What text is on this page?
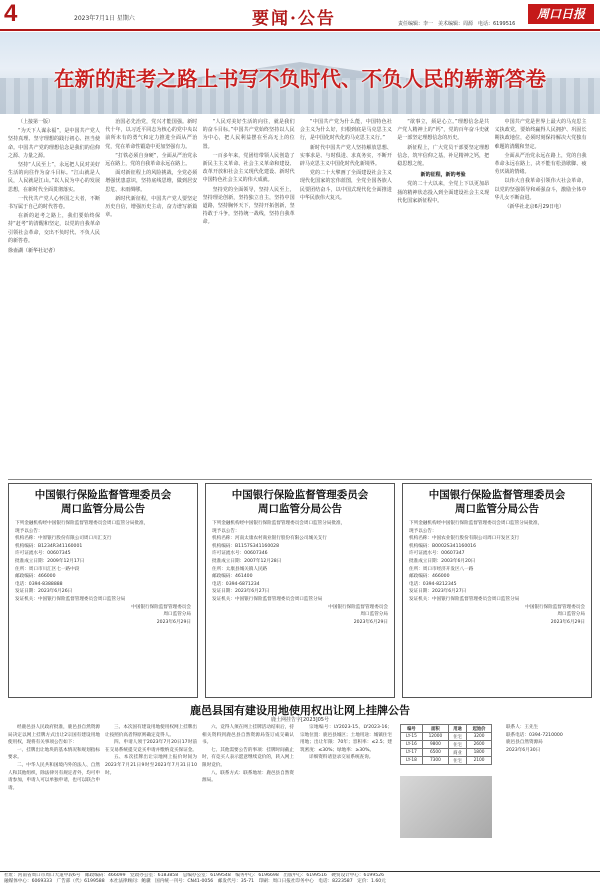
4	2023年7月1日 星期六	要闻·公告	责任编辑：李一　美术编辑：周源　电话：6199516
周口日报
在新的赶考之路上书写不负时代、不负人民的崭新答卷

（上接第一版）

“为天下人谋永福”，是中国共产党人坚持真理、坚守理想的践行初心、担当使命。中国共产党的理想信念是我们的信仰之源、力量之源。

坚持“人民至上”，永远把人民对美好生活的向往作为奋斗目标。“江山就是人民，人民就是江山。”以人民为中心的发展思想，在新时代全面贯彻落实。

一代代共产党人心怀国之大者，不断书写属于自己的时代答卷。

在新的赶考之路上，我们要始终保持“赶考”的清醒和坚定，以党的自我革命引领社会革命，交出不负时代、不负人民的新答卷。

徐壶湖（新华社记者）

治国必先治党，党兴才能国强。新时代十年，以习近平同志为核心的党中央以前所未有的勇气和定力推进全面从严治党，党在革命性锻造中更加坚强有力。

“打铁必须自身硬”，全面从严治党永远在路上，党的自我革命永远在路上。

面对新征程上的风险挑战，全党必须增强忧患意识，坚持底线思维，做到居安思危、未雨绸缪。

新时代新征程，中国共产党人要坚定历史自信，增强历史主动，奋力谱写新篇章。

“人民对美好生活的向往，就是我们的奋斗目标。”中国共产党始终坚持以人民为中心，把人民利益摆在至高无上的位置。

一百多年来，党团结带领人民创造了新民主主义革命、社会主义革命和建设、改革开放和社会主义现代化建设、新时代中国特色社会主义的伟大成就。

坚持党的全面领导，坚持人民至上，坚持理论创新，坚持独立自主，坚持中国道路，坚持胸怀天下，坚持开拓创新，坚持敢于斗争，坚持统一战线，坚持自我革命。

“中国共产党为什么能，中国特色社会主义为什么好，归根到底是马克思主义行，是中国化时代化的马克思主义行。”

新时代中国共产党人坚持解放思想、实事求是、与时俱进、求真务实，不断开辟马克思主义中国化时代化新境界。

党的二十大擘画了全面建设社会主义现代化国家的宏伟蓝图，全党全国各族人民要团结奋斗，以中国式现代化全面推进中华民族伟大复兴。

“欲事立，须是心立。”理想信念是共产党人精神上的“钙”，党的百年奋斗史就是一部坚定理想信念的历史。

新征程上，广大党员干部要坚定理想信念，筑牢信仰之基，补足精神之钙，把稳思想之舵。

新的征程，新的考验

党的二十大以来，全党上下以更加昂扬的精神状态投入到全面建设社会主义现代化国家新征程中。

中国共产党是世界上最大的马克思主义执政党，要始终赢得人民拥护、巩固长期执政地位，必须时刻保持解决大党独有难题的清醒和坚定。

全面从严治党永远在路上，党的自我革命永远在路上，决不能有松劲歇脚、疲劳厌战的情绪。

以伟大自我革命引领伟大社会革命，以党的坚强领导和顽强奋斗，激励全体中华儿女不断奋进。

（新华社北京6月29日电）

中国银行保险监督管理委员会
周口监管分局公告
下列金融机构经中国银行保险监督管理委员会周口监管分局批准，
现予以公告：
机构名称：中原银行股份有限公司周口川汇支行
机构编码：B1234R341160001
许可证流水号：00607345
批准成立日期：2009年12月17日
住所：周口市川汇区七一路中段
邮政编码：466000
电话：0394-8388888
发证日期：2023年6月26日
发证机关：中国银行保险监督管理委员会周口监管分局
中国银行保险监督管理委员会
周口监管分局
2023年6月29日
中国银行保险监督管理委员会
周口监管分局公告
下列金融机构经中国银行保险监督管理委员会周口监管分局批准，
现予以公告：
机构名称：河南太康农村商业银行股份有限公司城关支行
机构编码：B1157S341160028
许可证流水号：00607346
批准成立日期：2007年12月28日
住所：太康县城关镇人民路
邮政编码：461400
电话：0394-6871234
发证日期：2023年6月27日
发证机关：中国银行保险监督管理委员会周口监管分局
中国银行保险监督管理委员会
周口监管分局
2023年6月29日
中国银行保险监督管理委员会
周口监管分局公告
下列金融机构经中国银行保险监督管理委员会周口监管分局批准，
现予以公告：
机构名称：中国农业银行股份有限公司周口开发区支行
机构编码：B0002S341160016
许可证流水号：00607347
批准成立日期：2003年6月20日
住所：周口市经济开发区八一路
邮政编码：466000
电话：0394-8212345
发证日期：2023年6月27日
发证机关：中国银行保险监督管理委员会周口监管分局
中国银行保险监督管理委员会
周口监管分局
2023年6月29日
鹿邑县国有建设用地使用权出让网上挂牌公告
鹿土网挂告字[2023]05号
编号	面积	用途	起始价
LY-15	12000	住宅	3200
LY-16	9800	住宅	2600
LY-17	6500	商业	1800
LY-18	7300	住宅	2100

经鹿邑县人民政府批准，鹿邑县自然资源局决定以网上挂牌方式出让2宗国有建设用地使用权，现将有关事项公告如下：

一、挂牌出让地块的基本情况和规划指标要求。

二、中华人民共和国境内外的法人、自然人和其他组织，除法律另有规定者外，均可申请参加，申请人可以单独申请，也可以联合申请。

三、本次国有建设用地使用权网上挂牌出让按照价高者得原则确定竞得人。

四、申请人须于2023年7月20日17时前在交易系统提交竞买申请并缴纳竞买保证金。

五、本次挂牌出让宗地网上报价时间为2023年7月21日9时至2023年7月31日10时。

六、竞得人须在网上挂牌活动结束后，持相关资料到鹿邑县自然资源局签订成交确认书。

七、其他需要公告的事项：挂牌时间截止时，有竞买人表示愿意继续竞价的，转入网上限时竞价。

八、联系方式：联系地址：鹿邑县自然资源局。

宗地编号：LY2023-15、LY2023-16；宗地位置：鹿邑县城区；土地用途：城镇住宅用地；出让年限：70年；容积率：≤2.5；建筑密度：≤30%；绿地率：≥30%。

详细资料请登录交易系统查询。

联系人：王先生

联系电话：0394-7210000

鹿邑县自然资源局

2023年6月30日

社址：河南省周口市周口大道中段6号　邮政编码：466099　党政办公室：6183858　总编办公室：6199548　编务中心：6196698　出版中心：6199516　硬贸设计中心：6199526
融媒体中心：6069333　广告部（代）6199588　本社法律顾问：鲍骥　国内统一刊号：CN41-0056　邮发代号：35-71　印刷：周口日报社印务中心　电话：8223587　定价：1.60元
